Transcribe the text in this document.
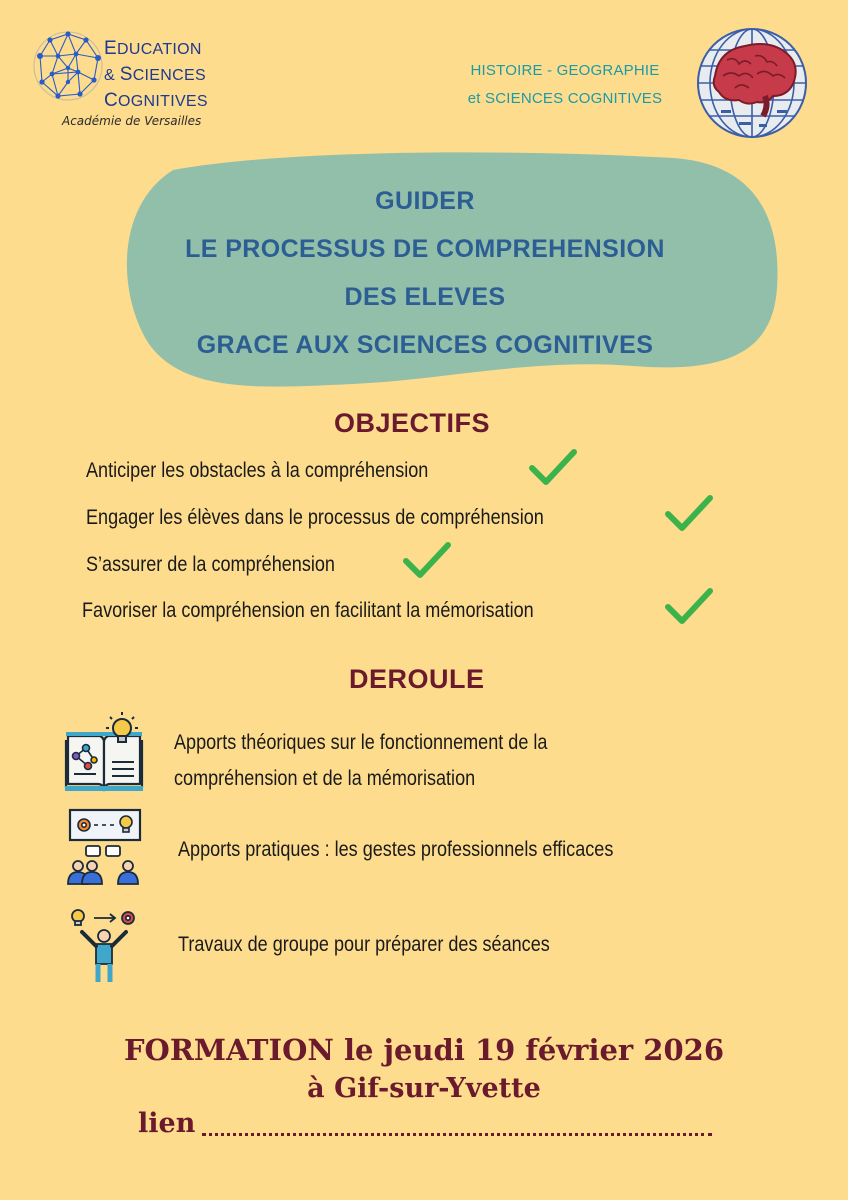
EDUCATION
& SCIENCES
COGNITIVES
Académie de Versailles
HISTOIRE - GEOGRAPHIE
et SCIENCES COGNITIVES
GUIDER
LE PROCESSUS DE COMPREHENSION
DES ELEVES
GRACE AUX SCIENCES COGNITIVES
OBJECTIFS
Anticiper les obstacles à la compréhension
Engager les élèves dans le processus de compréhension
S’assurer de la compréhension
Favoriser la compréhension en facilitant la mémorisation
DEROULE
Apports théoriques sur le fonctionnement de la
compréhension et de la mémorisation
Apports pratiques : les gestes professionnels efficaces
Travaux de groupe pour préparer des séances
FORMATION le jeudi 19 février 2026
à Gif-sur-Yvette
lien
